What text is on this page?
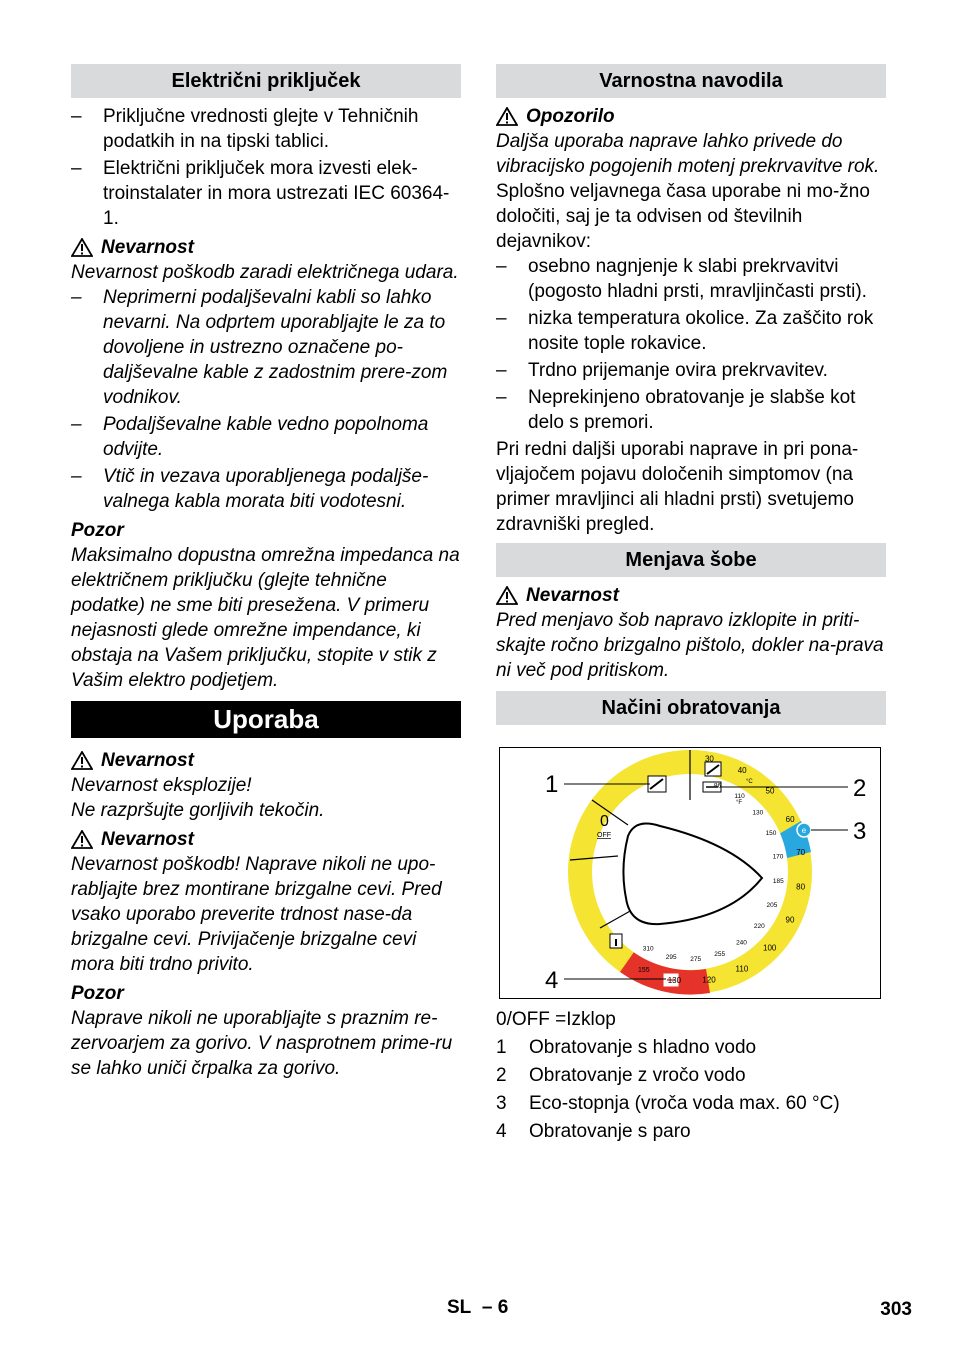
Električni priključek
– Priključne vrednosti glejte v Tehničnih podatkih in na tipski tablici.
– Električni priključek mora izvesti elek-troinstalater in mora ustrezati IEC 60364-1.
Nevarnost

Nevarnost poškodb zaradi električnega udara.

– Neprimerni podaljševalni kabli so lahko nevarni. Na odprtem uporabljajte le za to dovoljene in ustrezno označene po-daljševalne kable z zadostnim prere-zom vodnikov.
– Podaljševalne kable vedno popolnoma odvijte.
– Vtič in vezava uporabljenega podaljše-valnega kabla morata biti vodotesni.
Pozor

Maksimalno dopustna omrežna impedanca na električnem priključku (glejte tehnične podatke) ne sme biti presežena. V primeru nejasnosti glede omrežne impendance, ki obstaja na Vašem priključku, stopite v stik z Vašim elektro podjetjem.

Uporaba
Nevarnost

Nevarnost eksplozije!

Ne razpršujte gorljivih tekočin.

Nevarnost

Nevarnost poškodb! Naprave nikoli ne upo-rabljajte brez montirane brizgalne cevi. Pred vsako uporabo preverite trdnost nase-da brizgalne cevi. Privijačenje brizgalne cevi mora biti trdno privito.

Pozor

Naprave nikoli ne uporabljajte s praznim re-zervoarjem za gorivo. V nasprotnem prime-ru se lahko uniči črpalka za gorivo.

Varnostna navodila
Opozorilo

Daljša uporaba naprave lahko privede do vibracijsko pogojenih motenj prekrvavitve rok.

Splošno veljavnega časa uporabe ni mo-žno določiti, saj je ta odvisen od številnih dejavnikov:

– osebno nagnjenje k slabi prekrvavitvi (pogosto hladni prsti, mravljinčasti prsti).
– nizka temperatura okolice. Za zaščito rok nosite tople rokavice.
– Trdno prijemanje ovira prekrvavitev.
– Neprekinjeno obratovanje je slabše kot delo s premori.

Pri redni daljši uporabi naprave in pri pona-vljajočem pojavu določenih simptomov (na primer mravljinci ali hladni prsti) svetujemo zdravniški pregled.

Menjava šobe
Nevarnost

Pred menjavo šob napravo izklopite in priti-skajte ročno brizgalno pištolo, dokler na-prava ni več pod pritiskom.

Načini obratovanja
e
1	2
3
4
0
OFF
°C
°F
155
30
40
50
60
70
80
90
100
110
120
130
86
110
130
150
170
185
205
220
240
255
275
295
310
0/OFF = Izklop
1	Obratovanje s hladno vodo
2	Obratovanje z vročo vodo
3	Eco-stopnja (vroča voda max. 60 °C)
4	Obratovanje s paro
SL – 6	303
